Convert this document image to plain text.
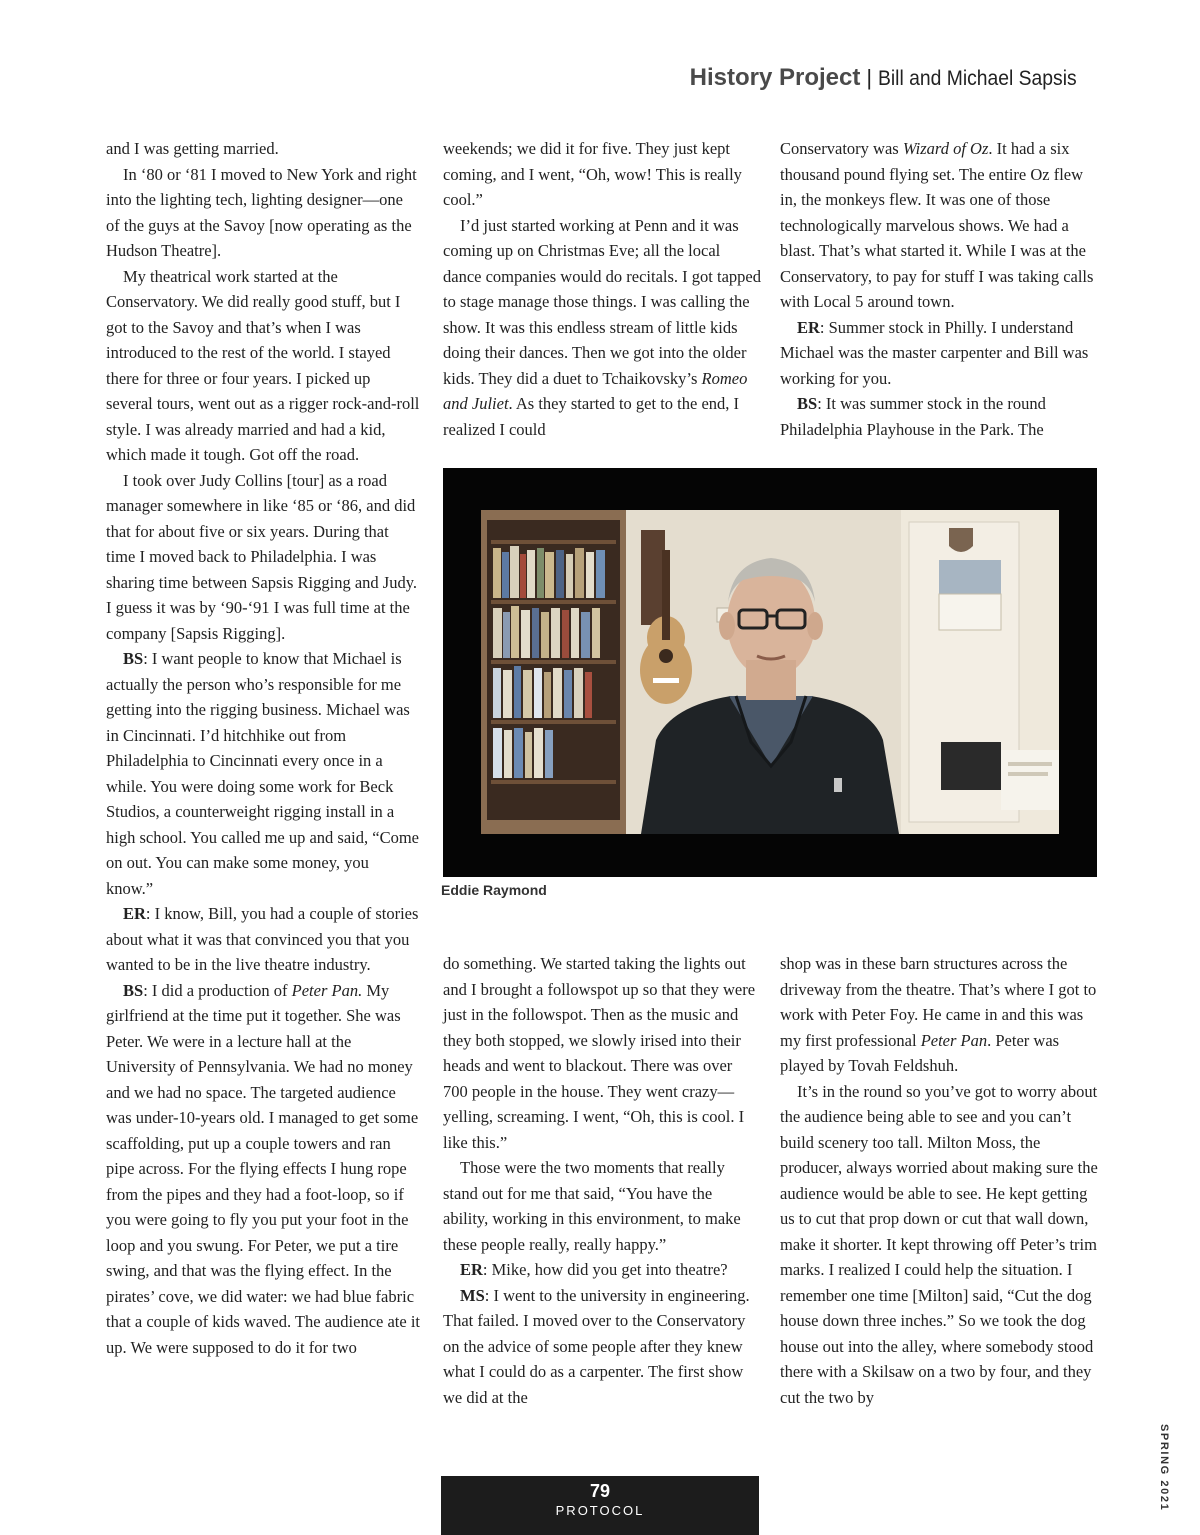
History Project | Bill and Michael Sapsis

and I was getting married.

In ‘80 or ‘81 I moved to New York and right into the lighting tech, lighting designer—one of the guys at the Savoy [now operating as the Hudson Theatre].

My theatrical work started at the Conservatory. We did really good stuff, but I got to the Savoy and that’s when I was introduced to the rest of the world. I stayed there for three or four years. I picked up several tours, went out as a rigger rock-and-roll style. I was already married and had a kid, which made it tough. Got off the road.

I took over Judy Collins [tour] as a road manager somewhere in like ‘85 or ‘86, and did that for about five or six years. During that time I moved back to Philadelphia. I was sharing time between Sapsis Rigging and Judy. I guess it was by ‘90-‘91 I was full time at the company [Sapsis Rigging].

BS: I want people to know that Michael is actually the person who’s responsible for me getting into the rigging business. Michael was in Cincinnati. I’d hitchhike out from Philadelphia to Cincinnati every once in a while. You were doing some work for Beck Studios, a counterweight rigging install in a high school. You called me up and said, “Come on out. You can make some money, you know.”

ER: I know, Bill, you had a couple of stories about what it was that convinced you that you wanted to be in the live theatre industry.

BS: I did a production of Peter Pan. My girlfriend at the time put it together. She was Peter. We were in a lecture hall at the University of Pennsylvania. We had no money and we had no space. The targeted audience was under-10-years old. I managed to get some scaffolding, put up a couple towers and ran pipe across. For the flying effects I hung rope from the pipes and they had a foot-loop, so if you were going to fly you put your foot in the loop and you swung. For Peter, we put a tire swing, and that was the flying effect. In the pirates’ cove, we did water: we had blue fabric that a couple of kids waved. The audience ate it up. We were supposed to do it for two

weekends; we did it for five. They just kept coming, and I went, “Oh, wow! This is really cool.”

I’d just started working at Penn and it was coming up on Christmas Eve; all the local dance companies would do recitals. I got tapped to stage manage those things. I was calling the show. It was this endless stream of little kids doing their dances. Then we got into the older kids. They did a duet to Tchaikovsky’s Romeo and Juliet. As they started to get to the end, I realized I could

Conservatory was Wizard of Oz. It had a six thousand pound flying set. The entire Oz flew in, the monkeys flew. It was one of those technologically marvelous shows. We had a blast. That’s what started it. While I was at the Conservatory, to pay for stuff I was taking calls with Local 5 around town.

ER: Summer stock in Philly. I understand Michael was the master carpenter and Bill was working for you.

BS: It was summer stock in the round Philadelphia Playhouse in the Park. The

Eddie Raymond

do something. We started taking the lights out and I brought a followspot up so that they were just in the followspot. Then as the music and they both stopped, we slowly irised into their heads and went to blackout. There was over 700 people in the house. They went crazy—yelling, screaming. I went, “Oh, this is cool. I like this.”

Those were the two moments that really stand out for me that said, “You have the ability, working in this environment, to make these people really, really happy.”

ER: Mike, how did you get into theatre?

MS: I went to the university in engineering. That failed. I moved over to the Conservatory on the advice of some people after they knew what I could do as a carpenter. The first show we did at the

shop was in these barn structures across the driveway from the theatre. That’s where I got to work with Peter Foy. He came in and this was my first professional Peter Pan. Peter was played by Tovah Feldshuh.

It’s in the round so you’ve got to worry about the audience being able to see and you can’t build scenery too tall. Milton Moss, the producer, always worried about making sure the audience would be able to see. He kept getting us to cut that prop down or cut that wall down, make it shorter. It kept throwing off Peter’s trim marks. I realized I could help the situation. I remember one time [Milton] said, “Cut the dog house down three inches.” So we took the dog house out into the alley, where somebody stood there with a Skilsaw on a two by four, and they cut the two by

79
PROTOCOL	SPRING 2021
